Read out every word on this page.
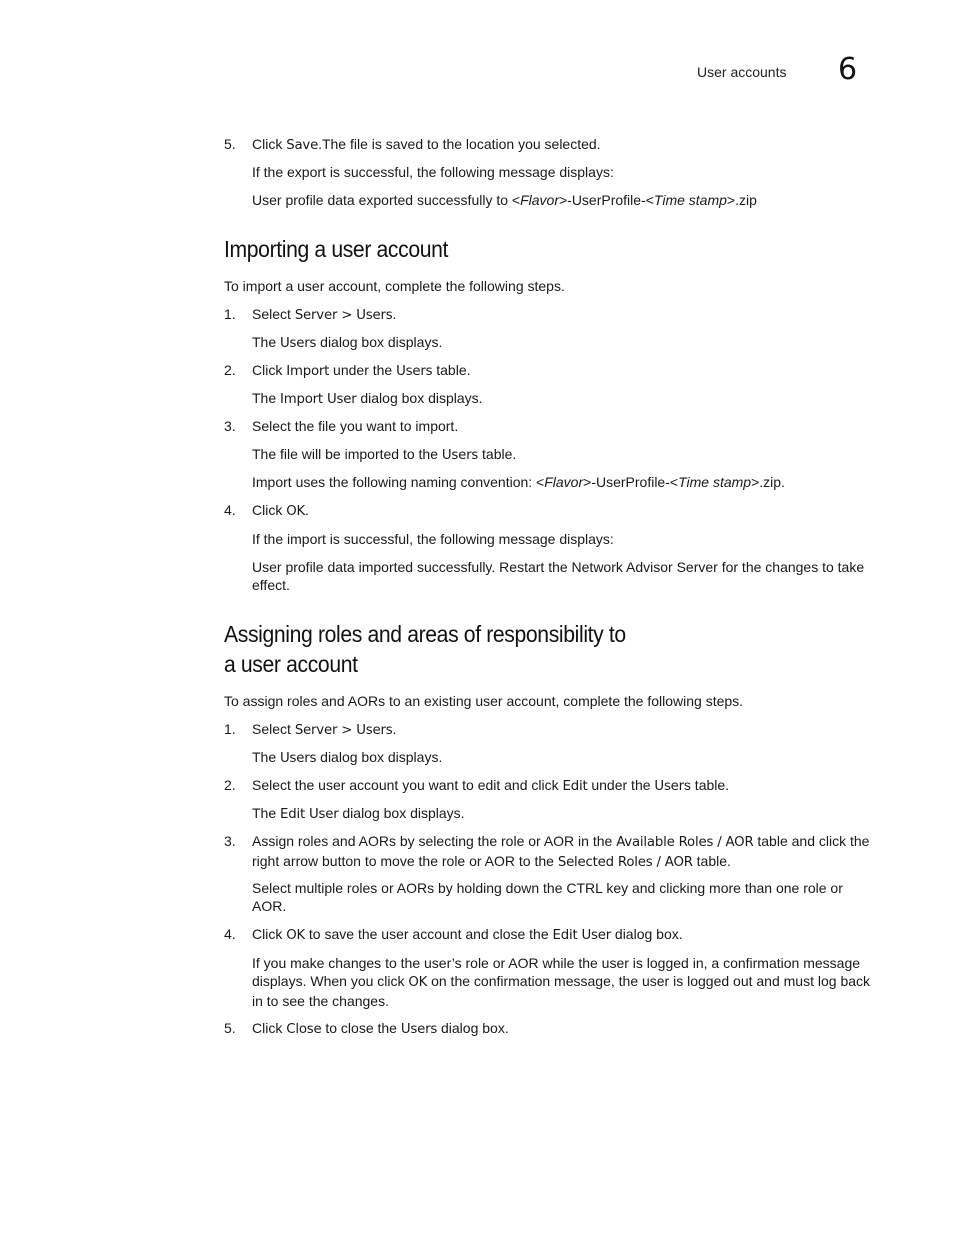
User accounts 6
5. Click Save.The file is saved to the location you selected.
If the export is successful, the following message displays:
User profile data exported successfully to <Flavor>-UserProfile-<Time stamp>.zip
Importing a user account
To import a user account, complete the following steps.
1. Select Server > Users.
The Users dialog box displays.
2. Click Import under the Users table.
The Import User dialog box displays.
3. Select the file you want to import.
The file will be imported to the Users table.
Import uses the following naming convention: <Flavor>-UserProfile-<Time stamp>.zip.
4. Click OK.
If the import is successful, the following message displays:
User profile data imported successfully. Restart the Network Advisor Server for the changes to take effect.
Assigning roles and areas of responsibility to
a user account
To assign roles and AORs to an existing user account, complete the following steps.
1. Select Server > Users.
The Users dialog box displays.
2. Select the user account you want to edit and click Edit under the Users table.
The Edit User dialog box displays.
3. Assign roles and AORs by selecting the role or AOR in the Available Roles / AOR table and click the right arrow button to move the role or AOR to the Selected Roles / AOR table.
Select multiple roles or AORs by holding down the CTRL key and clicking more than one role or AOR.
4. Click OK to save the user account and close the Edit User dialog box.
If you make changes to the user’s role or AOR while the user is logged in, a confirmation message displays. When you click OK on the confirmation message, the user is logged out and must log back in to see the changes.
5. Click Close to close the Users dialog box.
